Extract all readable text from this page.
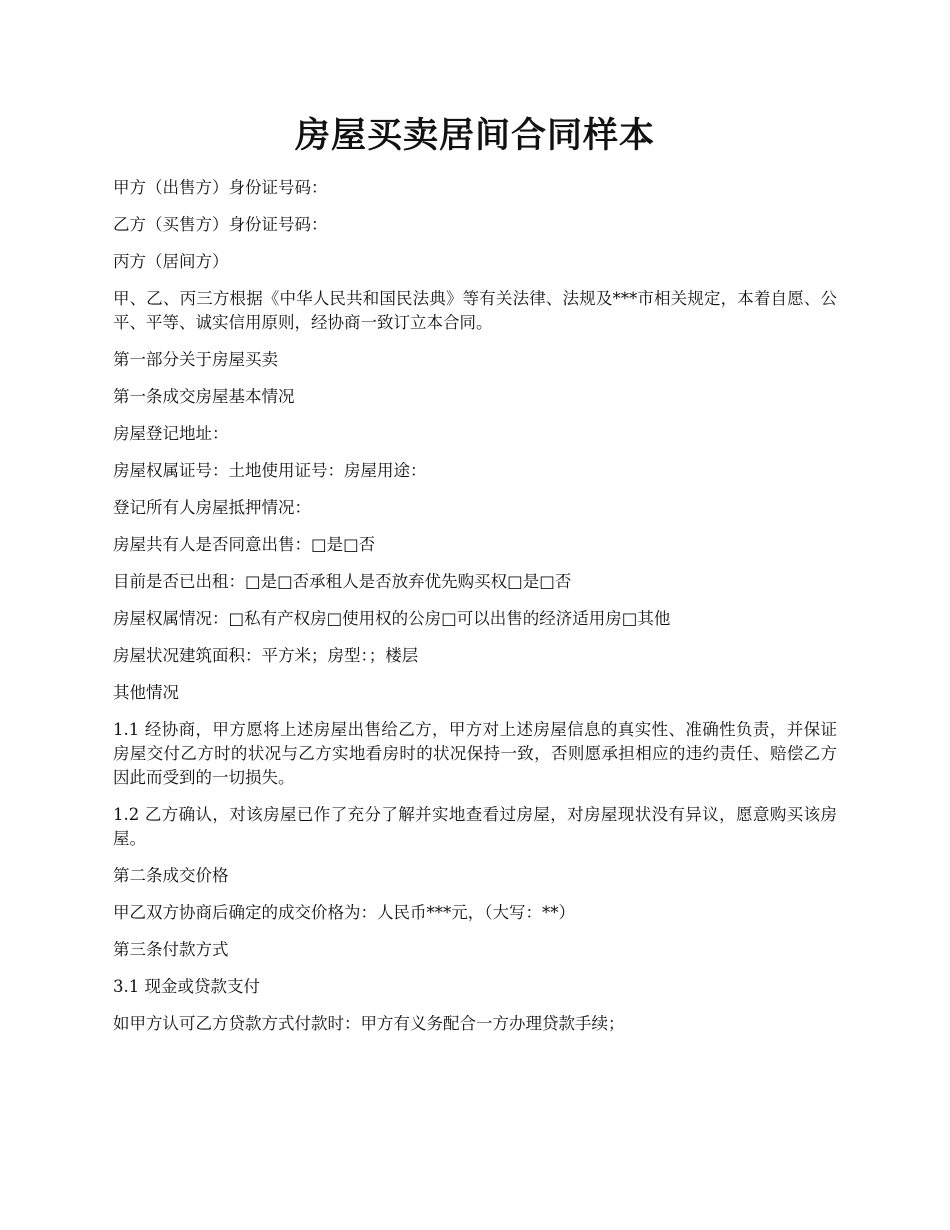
房屋买卖居间合同样本

甲方（出售方）身份证号码：

乙方（买售方）身份证号码：

丙方（居间方）

甲、乙、丙三方根据《中华人民共和国民法典》等有关法律、法规及***市相关规定，本着自愿、公平、平等、诚实信用原则，经协商一致订立本合同。

第一部分关于房屋买卖

第一条成交房屋基本情况

房屋登记地址：

房屋权属证号：土地使用证号：房屋用途：

登记所有人房屋抵押情况：

房屋共有人是否同意出售：□是□否

目前是否已出租：□是□否承租人是否放弃优先购买权□是□否

房屋权属情况：□私有产权房□使用权的公房□可以出售的经济适用房□其他

房屋状况建筑面积：平方米；房型：；楼层

其他情况

1.1 经协商，甲方愿将上述房屋出售给乙方，甲方对上述房屋信息的真实性、准确性负责，并保证房屋交付乙方时的状况与乙方实地看房时的状况保持一致，否则愿承担相应的违约责任、赔偿乙方因此而受到的一切损失。

1.2 乙方确认，对该房屋已作了充分了解并实地查看过房屋，对房屋现状没有异议，愿意购买该房屋。

第二条成交价格

甲乙双方协商后确定的成交价格为：人民币***元，（大写：**）

第三条付款方式

3.1 现金或贷款支付

如甲方认可乙方贷款方式付款时：甲方有义务配合一方办理贷款手续；
